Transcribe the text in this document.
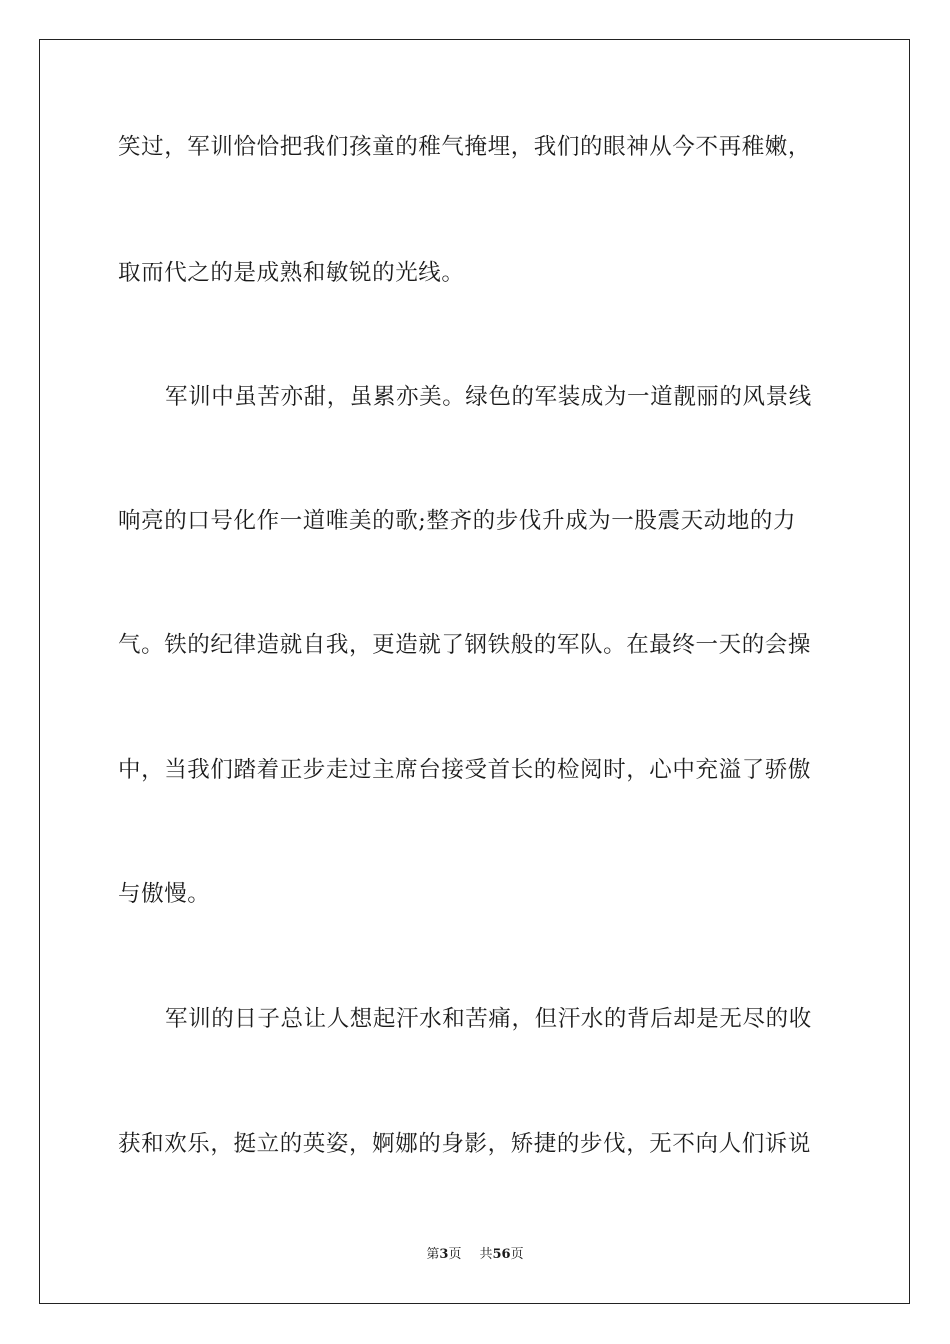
笑过，军训恰恰把我们孩童的稚气掩埋，我们的眼神从今不再稚嫩，
取而代之的是成熟和敏锐的光线。
军训中虽苦亦甜，虽累亦美。绿色的军装成为一道靓丽的风景线
响亮的口号化作一道唯美的歌;整齐的步伐升成为一股震天动地的力
气。铁的纪律造就自我，更造就了钢铁般的军队。在最终一天的会操
中，当我们踏着正步走过主席台接受首长的检阅时，心中充溢了骄傲
与傲慢。
军训的日子总让人想起汗水和苦痛，但汗水的背后却是无尽的收
获和欢乐，挺立的英姿，婀娜的身影，矫捷的步伐，无不向人们诉说
第3页 共56页
